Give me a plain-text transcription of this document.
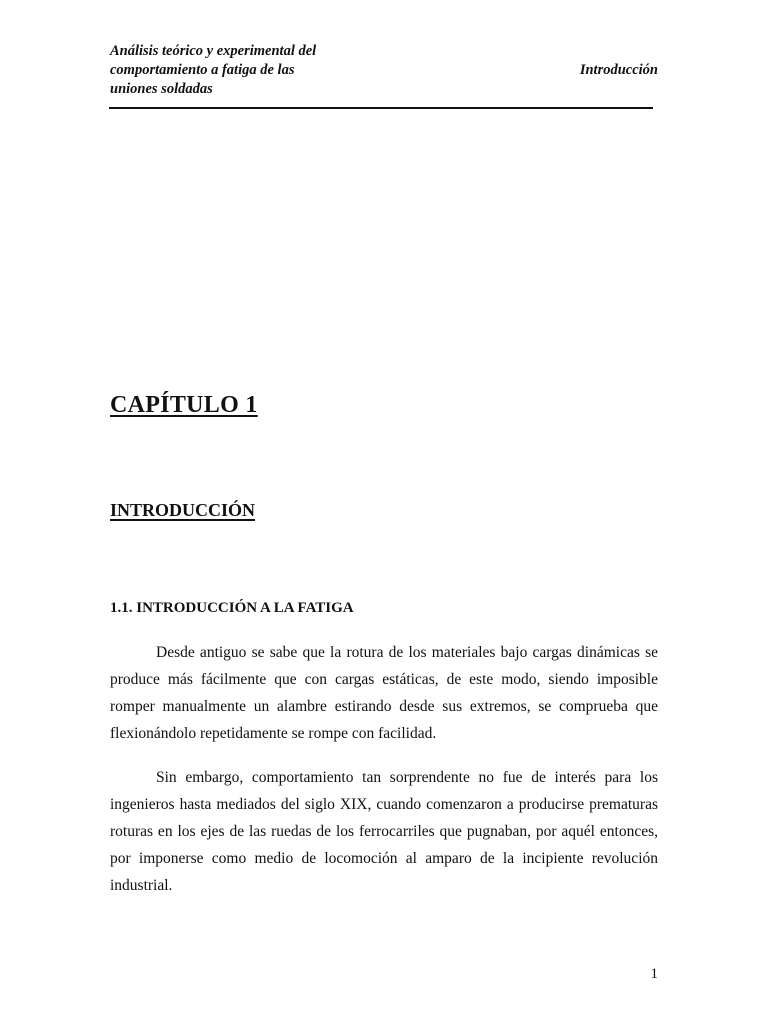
Análisis teórico y experimental del
comportamiento a fatiga de las
uniones soldadas
Introducción
CAPÍTULO 1
INTRODUCCIÓN
1.1. INTRODUCCIÓN A LA FATIGA

Desde antiguo se sabe que la rotura de los materiales bajo cargas dinámicas se produce más fácilmente que con cargas estáticas, de este modo, siendo imposible romper manualmente un alambre estirando desde sus extremos, se comprueba que flexionándolo repetidamente se rompe con facilidad.

Sin embargo, comportamiento tan sorprendente no fue de interés para los ingenieros hasta mediados del siglo XIX, cuando comenzaron a producirse prematuras roturas en los ejes de las ruedas de los ferrocarriles que pugnaban, por aquél entonces, por imponerse como medio de locomoción al amparo de la incipiente revolución industrial.

1
